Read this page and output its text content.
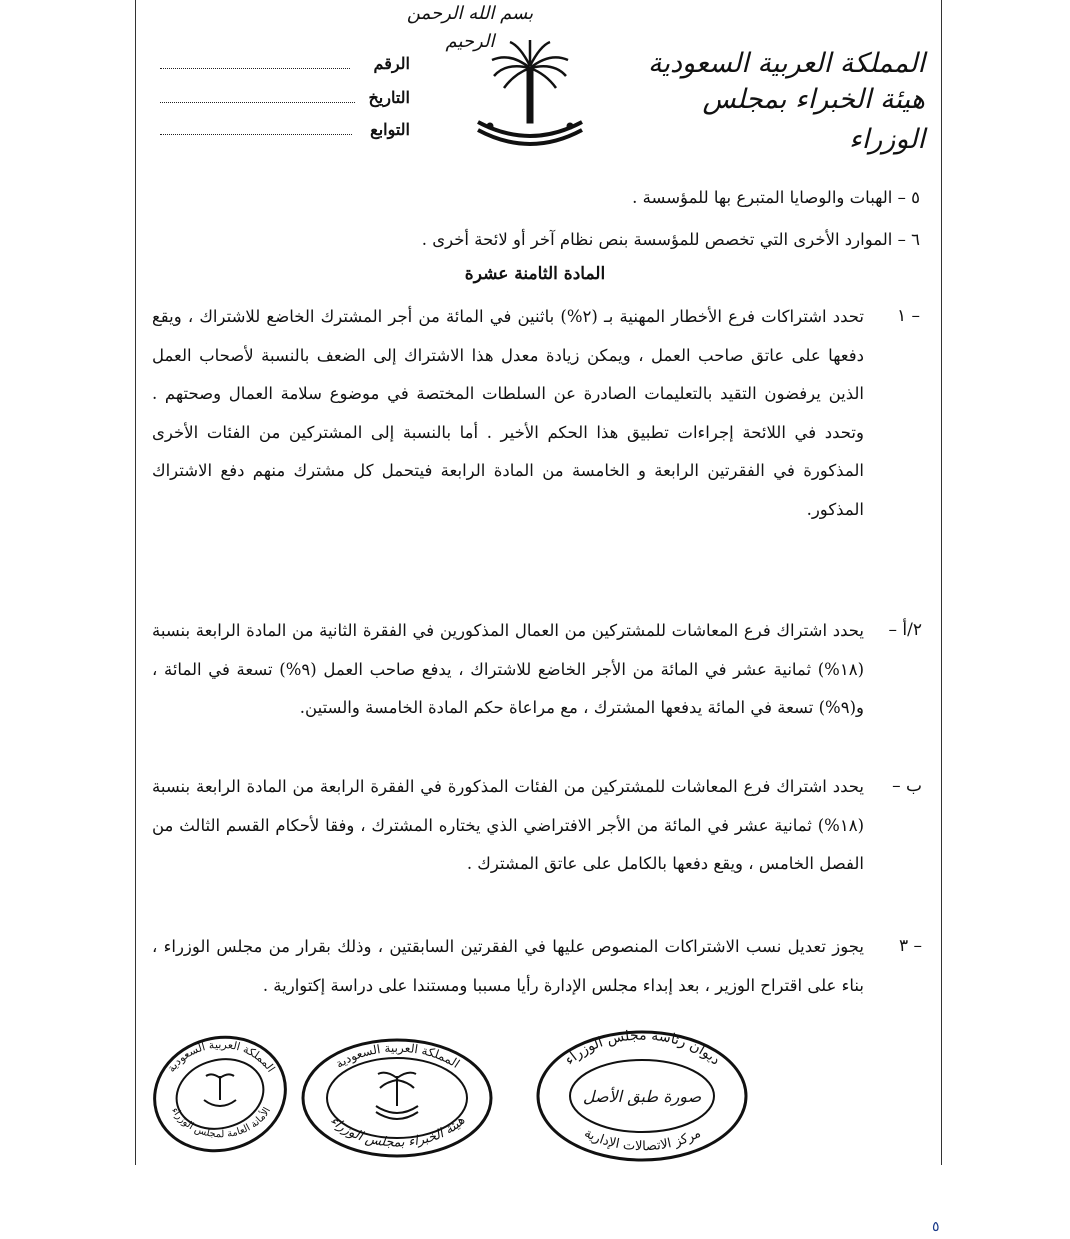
بسم الله الرحمن الرحيم
المملكة العربية السعودية
هيئة الخبراء بمجلس الوزراء
الرقم
التاريخ
التوابع
٥ – الهبات والوصايا المتبرع بها للمؤسسة .
٦ – الموارد الأخرى التي تخصص للمؤسسة بنص نظام آخر أو لائحة أخرى .
المادة الثامنة عشرة
١ –
تحدد اشتراكات فرع الأخطار المهنية بـ (٢%) باثنين في المائة من أجر المشترك الخاضع للاشتراك ، ويقع دفعها على عاتق صاحب العمل ، ويمكن زيادة معدل هذا الاشتراك إلى الضعف بالنسبة لأصحاب العمل الذين يرفضون التقيد بالتعليمات الصادرة عن السلطات المختصة في موضوع سلامة العمال وصحتهم . وتحدد في اللائحة إجراءات تطبيق هذا الحكم الأخير . أما بالنسبة إلى المشتركين من الفئات الأخرى المذكورة في الفقرتين الرابعة و الخامسة من المادة الرابعة فيتحمل كل مشترك منهم دفع الاشتراك المذكور.
٢/أ –
يحدد اشتراك فرع المعاشات للمشتركين من العمال المذكورين في الفقرة الثانية من المادة الرابعة بنسبة (١٨%) ثمانية عشر في المائة من الأجر الخاضع للاشتراك ، يدفع صاحب العمل (٩%) تسعة في المائة ، و(٩%) تسعة في المائة يدفعها المشترك ، مع مراعاة حكم المادة الخامسة والستين.
ب –
يحدد اشتراك فرع المعاشات للمشتركين من الفئات المذكورة في الفقرة الرابعة من المادة الرابعة بنسبة (١٨%) ثمانية عشر في المائة من الأجر الافتراضي الذي يختاره المشترك ، وفقا لأحكام القسم الثالث من الفصل الخامس ، ويقع دفعها بالكامل على عاتق المشترك .
٣ –
يجوز تعديل نسب الاشتراكات المنصوص عليها في الفقرتين السابقتين ، وذلك بقرار من مجلس الوزراء ، بناء على اقتراح الوزير ، بعد إبداء مجلس الإدارة رأيا مسببا ومستندا على دراسة إكتوارية .
ديوان رئاسة مجلس الوزراء
صورة طبق الأصل
مركز الاتصالات الإدارية
المملكة العربية السعودية
هيئة الخبراء بمجلس الوزراء
المملكة العربية السعودية
الأمانة العامة لمجلس الوزراء
٥
